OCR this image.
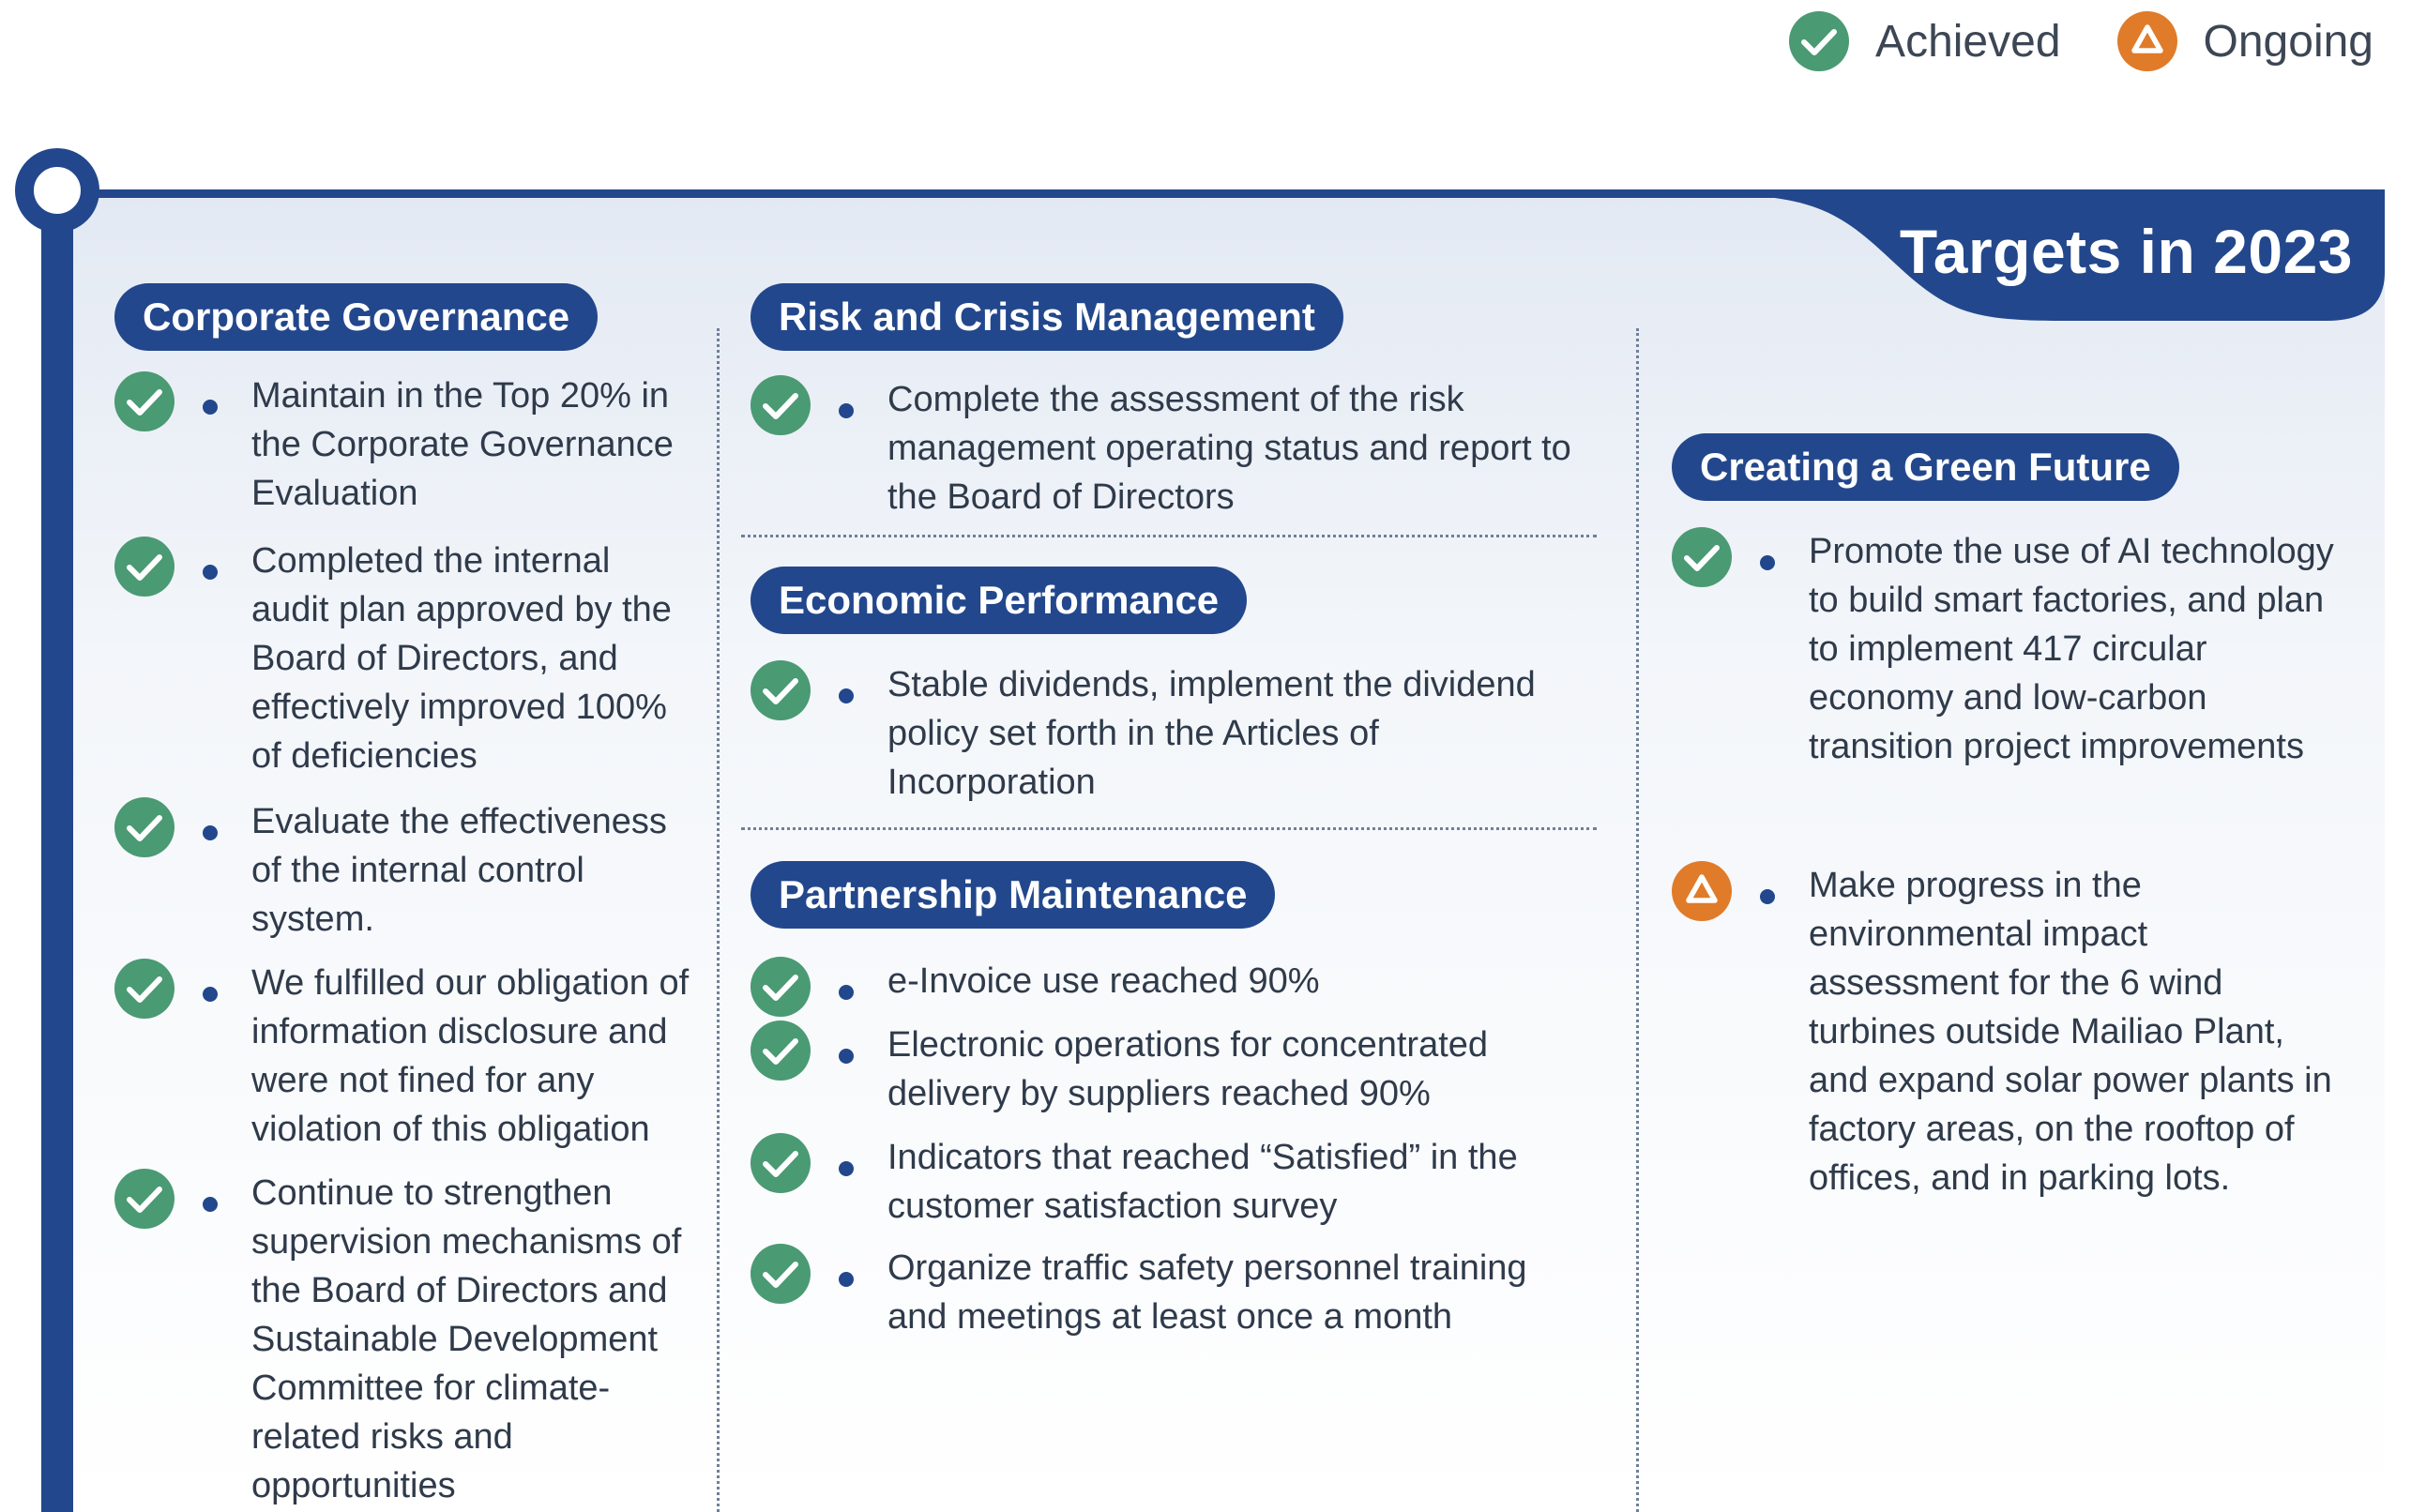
Targets in 2023
Achieved	Ongoing
Corporate Governance
Maintain in the Top 20% in the Corporate Governance Evaluation
Completed the internal audit plan approved by the Board of Directors, and effectively improved 100% of deficiencies
Evaluate the effectiveness of the internal control system.
We fulfilled our obligation of information disclosure and were not fined for any violation of this obligation
Continue to strengthen supervision mechanisms of the Board of Directors and Sustainable Development Committee for climate-related risks and opportunities
Risk and Crisis Management
Complete the assessment of the risk management operating status and report to the Board of Directors
Economic Performance
Stable dividends, implement the dividend policy set forth in the Articles of Incorporation
Partnership Maintenance
e-Invoice use reached 90%
Electronic operations for concentrated delivery by suppliers reached 90%
Indicators that reached “Satisfied” in the customer satisfaction survey
Organize traffic safety personnel training and meetings at least once a month
Creating a Green Future
Promote the use of AI technology to build smart factories, and plan to implement 417 circular economy and low-carbon transition project improvements
Make progress in the environmental impact assessment for the 6 wind turbines outside Mailiao Plant, and expand solar power plants in factory areas, on the rooftop of offices, and in parking lots.
